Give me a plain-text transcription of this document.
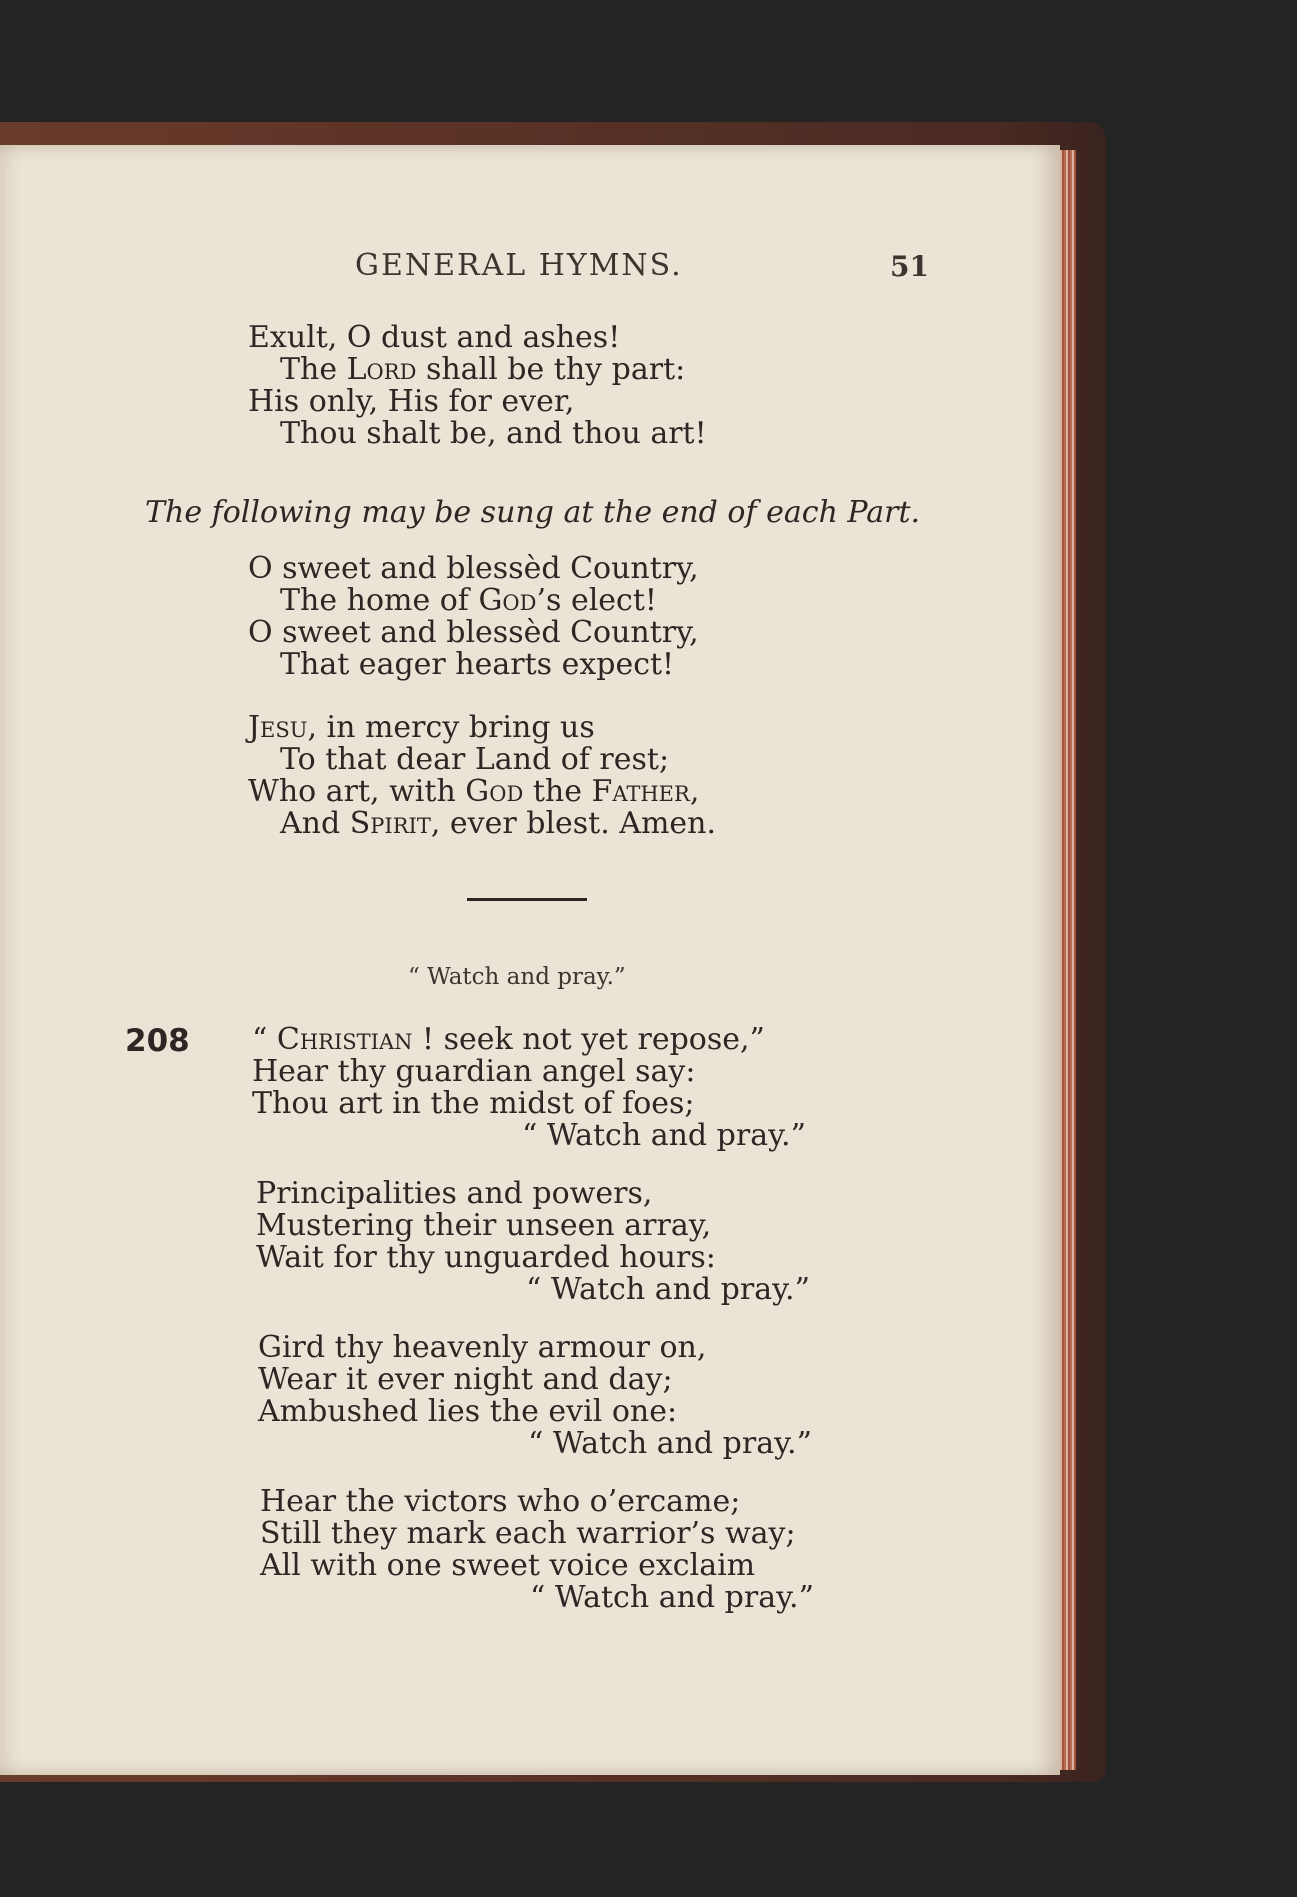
GENERAL HYMNS.	51
Exult, O dust and ashes!
The Lord shall be thy part:
His only, His for ever,
Thou shalt be, and thou art!
The following may be sung at the end of each Part.
O sweet and blessèd Country,
The home of God’s elect!
O sweet and blessèd Country,
That eager hearts expect!
Jesu, in mercy bring us
To that dear Land of rest;
Who art, with God the Father,
And Spirit, ever blest. Amen.
“ Watch and pray.”
208 “ Christian ! seek not yet repose,”
Hear thy guardian angel say:
Thou art in the midst of foes;
“ Watch and pray.”
Principalities and powers,
Mustering their unseen array,
Wait for thy unguarded hours:
“ Watch and pray.”
Gird thy heavenly armour on,
Wear it ever night and day;
Ambushed lies the evil one:
“ Watch and pray.”
Hear the victors who o’ercame;
Still they mark each warrior’s way;
All with one sweet voice exclaim
“ Watch and pray.”
